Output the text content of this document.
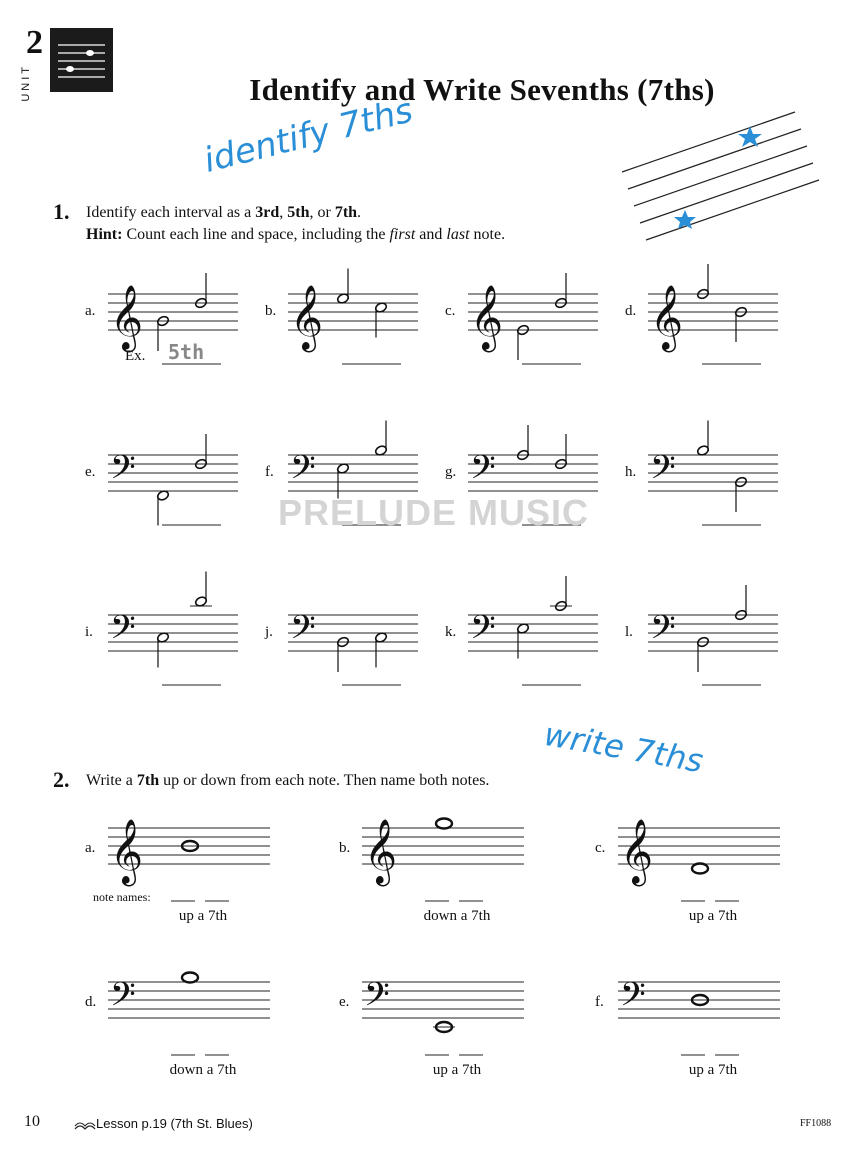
2
UNIT	Identify and Write Sevenths (7ths)
identify 7ths
write 7ths
1. Identify each interval as a 3rd, 5th, or 7th.
Hint: Count each line and space, including the first and last note.
𝄞	𝄞	𝄞	𝄞
𝄢	𝄢	𝄢	𝄢
𝄢	𝄢	𝄢	𝄢
a.	b.	c.	d.
e.	f.	g.	h.
i.	j.	k.	l.
Ex. 5th
PRELUDE MUSIC
2. Write a 7th up or down from each note. Then name both notes.
𝄞	𝄞	𝄞
𝄢	𝄢	𝄢
a.
up a 7th
b.
down a 7th
c.
up a 7th
d.
down a 7th
e.
up a 7th
f.
up a 7th
note names:
10	Lesson p.19 (7th St. Blues)	FF1088
